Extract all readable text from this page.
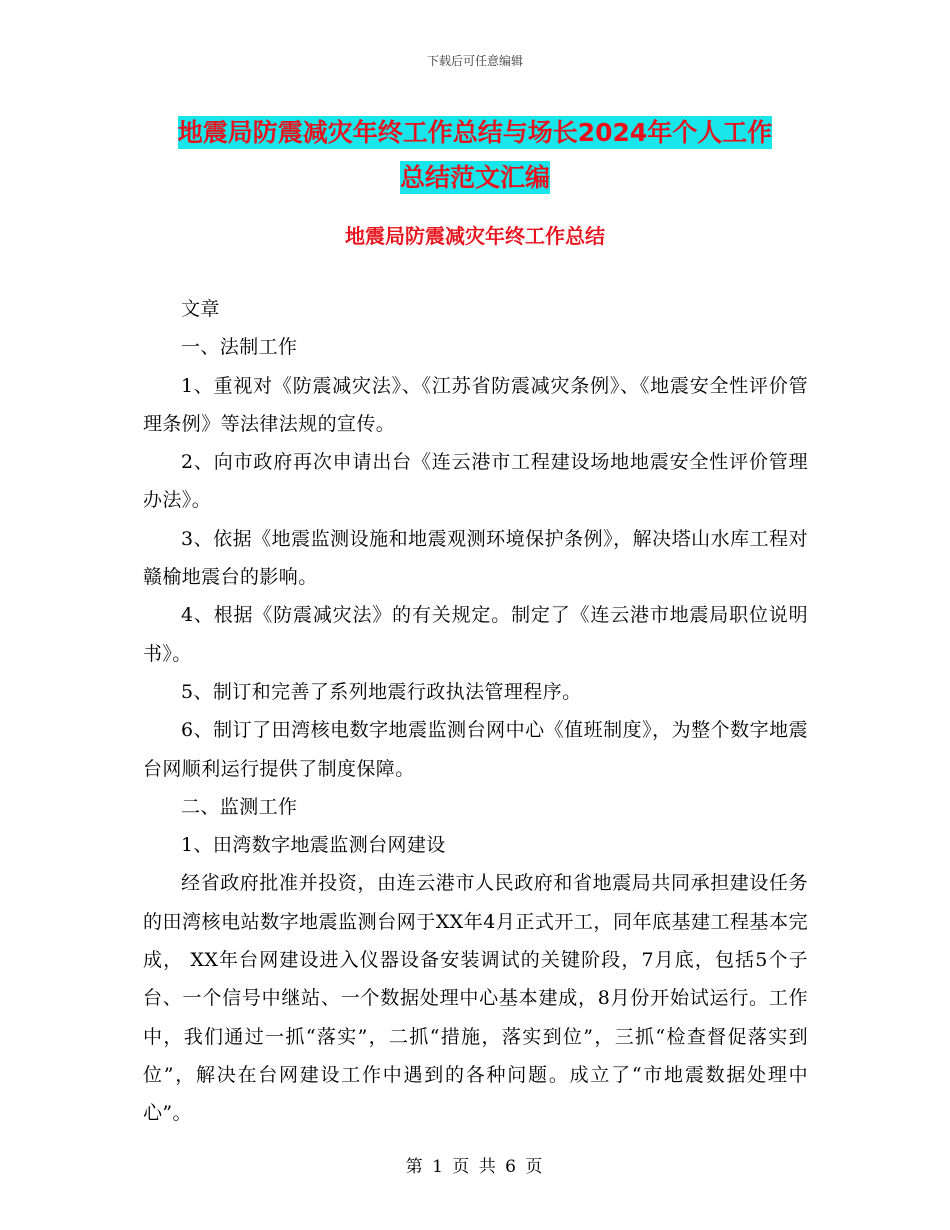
下载后可任意编辑
地震局防震减灾年终工作总结与场长2024年个人工作
总结范文汇编
地震局防震减灾年终工作总结

文章

一、法制工作

1、重视对《防震减灾法》、《江苏省防震减灾条例》、《地震安全性评价管理条例》等法律法规的宣传。

2、向市政府再次申请出台《连云港市工程建设场地地震安全性评价管理办法》。

3、依据《地震监测设施和地震观测环境保护条例》，解决塔山水库工程对赣榆地震台的影响。

4、根据《防震减灾法》的有关规定。制定了《连云港市地震局职位说明书》。

5、制订和完善了系列地震行政执法管理程序。

6、制订了田湾核电数字地震监测台网中心《值班制度》，为整个数字地震台网顺利运行提供了制度保障。

二、监测工作

1、田湾数字地震监测台网建设

经省政府批准并投资，由连云港市人民政府和省地震局共同承担建设任务的田湾核电站数字地震监测台网于XX年4月正式开工，同年底基建工程基本完成， XX年台网建设进入仪器设备安装调试的关键阶段，7月底，包括5个子台、一个信号中继站、一个数据处理中心基本建成，8月份开始试运行。工作中，我们通过一抓“落实”，二抓“措施，落实到位”，三抓“检查督促落实到位”，解决在台网建设工作中遇到的各种问题。成立了“市地震数据处理中心”。

第 1 页 共 6 页
